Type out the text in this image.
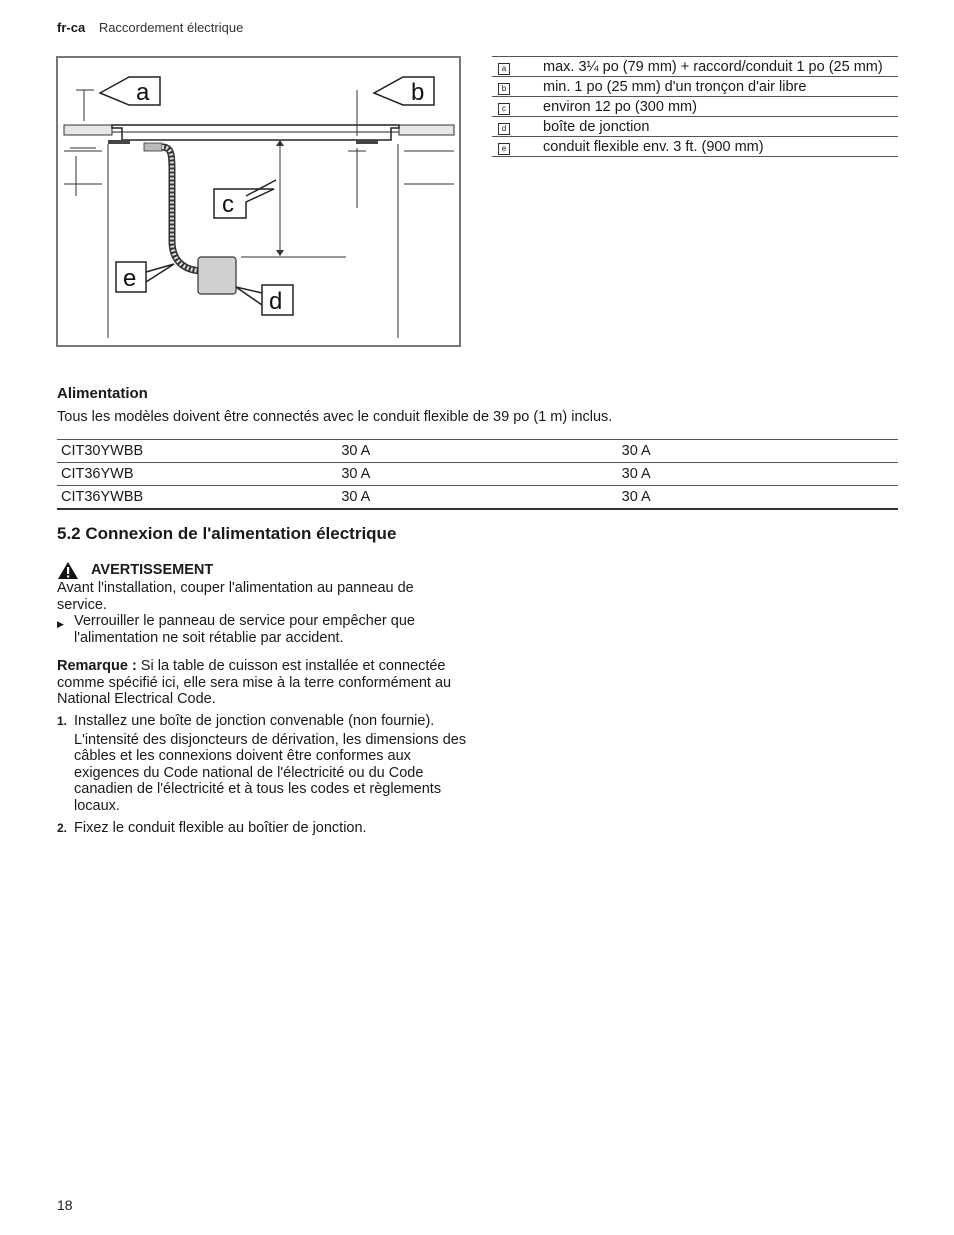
fr-ca Raccordement électrique
a	b
c
e
d
a	max. 3¼ po (79 mm) + raccord/conduit 1 po (25 mm)
b	min. 1 po (25 mm) d'un tronçon d'air libre
c	environ 12 po (300 mm)
d	boîte de jonction
e	conduit flexible env. 3 ft. (900 mm)
Alimentation
Tous les modèles doivent être connectés avec le conduit flexible de 39 po (1 m) inclus.
CIT30YWBB	30 A	30 A
CIT36YWB	30 A	30 A
CIT36YWBB	30 A	30 A
5.2 Connexion de l'alimentation électrique
AVERTISSEMENT
Avant l'installation, couper l'alimentation au panneau de service.
▶ Verrouiller le panneau de service pour empêcher que l'alimentation ne soit rétablie par accident.
Remarque : Si la table de cuisson est installée et connectée comme spécifié ici, elle sera mise à la terre conformément au National Electrical Code.
1. Installez une boîte de jonction convenable (non fournie).

L'intensité des disjoncteurs de dérivation, les dimensions des câbles et les connexions doivent être conformes aux exigences du Code national de l'électricité ou du Code canadien de l'électricité et à tous les codes et règlements locaux.

2. Fixez le conduit flexible au boîtier de jonction.

18
